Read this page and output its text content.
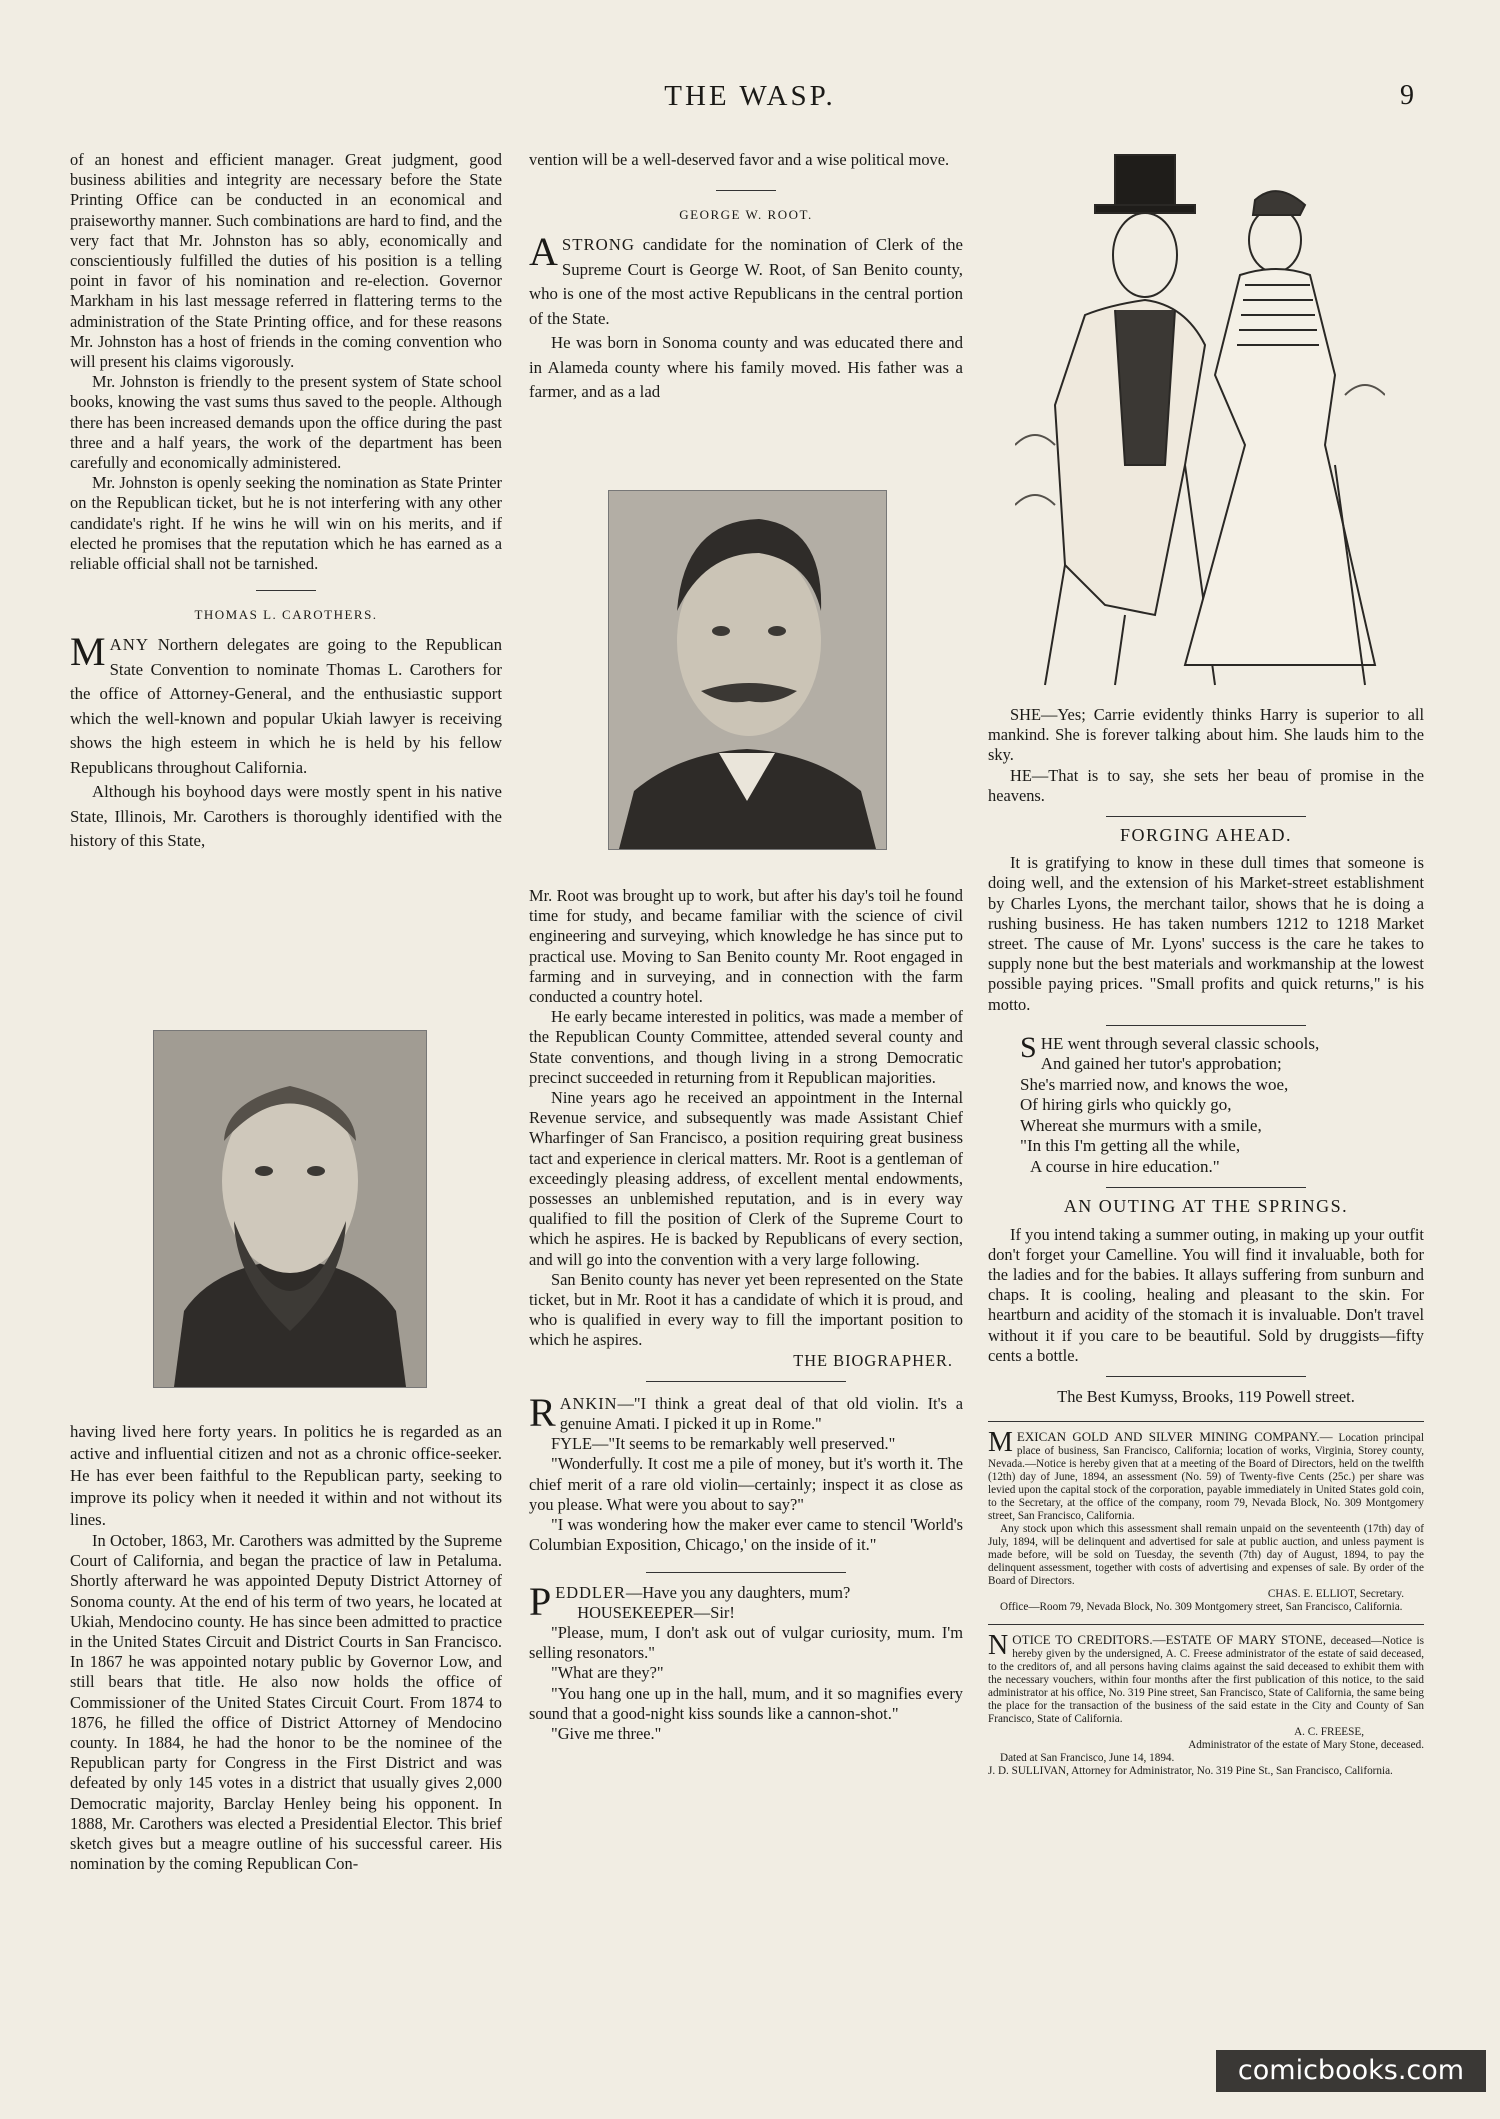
THE WASP.	9

of an honest and efficient manager. Great judgment, good business abilities and integrity are necessary before the State Printing Office can be conducted in an economical and praiseworthy manner. Such combinations are hard to find, and the very fact that Mr. Johnston has so ably, economically and conscientiously fulfilled the duties of his position is a telling point in favor of his nomination and re-election. Governor Markham in his last message referred in flattering terms to the administration of the State Printing office, and for these reasons Mr. Johnston has a host of friends in the coming convention who will present his claims vigorously.

Mr. Johnston is friendly to the present system of State school books, knowing the vast sums thus saved to the people. Although there has been increased demands upon the office during the past three and a half years, the work of the department has been carefully and economically administered.

Mr. Johnston is openly seeking the nomination as State Printer on the Republican ticket, but he is not interfering with any other candidate's right. If he wins he will win on his merits, and if elected he promises that the reputation which he has earned as a reliable official shall not be tarnished.

THOMAS L. CAROTHERS.

MANY Northern delegates are going to the Republican State Convention to nominate Thomas L. Carothers for the office of Attorney-General, and the enthusiastic support which the well-known and popular Ukiah lawyer is receiving shows the high esteem in which he is held by his fellow Republicans throughout California.

Although his boyhood days were mostly spent in his native State, Illinois, Mr. Carothers is thoroughly identified with the history of this State,

having lived here forty years. In politics he is regarded as an active and influential citizen and not as a chronic office-seeker. He has ever been faithful to the Republican party, seeking to improve its policy when it needed it within and not without its lines.

In October, 1863, Mr. Carothers was admitted by the Supreme Court of California, and began the practice of law in Petaluma. Shortly afterward he was appointed Deputy District Attorney of Sonoma county. At the end of his term of two years, he located at Ukiah, Mendocino county. He has since been admitted to practice in the United States Circuit and District Courts in San Francisco. In 1867 he was appointed notary public by Governor Low, and still bears that title. He also now holds the office of Commissioner of the United States Circuit Court. From 1874 to 1876, he filled the office of District Attorney of Mendocino county. In 1884, he had the honor to be the nominee of the Republican party for Congress in the First District and was defeated by only 145 votes in a district that usually gives 2,000 Democratic majority, Barclay Henley being his opponent. In 1888, Mr. Carothers was elected a Presidential Elector. This brief sketch gives but a meagre outline of his successful career. His nomination by the coming Republican Con-

vention will be a well-deserved favor and a wise political move.

GEORGE W. ROOT.

ASTRONG candidate for the nomination of Clerk of the Supreme Court is George W. Root, of San Benito county, who is one of the most active Republicans in the central portion of the State.

He was born in Sonoma county and was educated there and in Alameda county where his family moved. His father was a farmer, and as a lad

Mr. Root was brought up to work, but after his day's toil he found time for study, and became familiar with the science of civil engineering and surveying, which knowledge he has since put to practical use. Moving to San Benito county Mr. Root engaged in farming and in surveying, and in connection with the farm conducted a country hotel.

He early became interested in politics, was made a member of the Republican County Committee, attended several county and State conventions, and though living in a strong Democratic precinct succeeded in returning from it Republican majorities.

Nine years ago he received an appointment in the Internal Revenue service, and subsequently was made Assistant Chief Wharfinger of San Francisco, a position requiring great business tact and experience in clerical matters. Mr. Root is a gentleman of exceedingly pleasing address, of excellent mental endowments, possesses an unblemished reputation, and is in every way qualified to fill the position of Clerk of the Supreme Court to which he aspires. He is backed by Republicans of every section, and will go into the convention with a very large following.

San Benito county has never yet been represented on the State ticket, but in Mr. Root it has a candidate of which it is proud, and who is qualified in every way to fill the important position to which he aspires.

THE BIOGRAPHER.

RANKIN—"I think a great deal of that old violin. It's a genuine Amati. I picked it up in Rome."

FYLE—"It seems to be remarkably well preserved."

"Wonderfully. It cost me a pile of money, but it's worth it. The chief merit of a rare old violin—certainly; inspect it as close as you please. What were you about to say?"

"I was wondering how the maker ever came to stencil 'World's Columbian Exposition, Chicago,' on the inside of it."

PEDDLER—Have you any daughters, mum?

HOUSEKEEPER—Sir!

"Please, mum, I don't ask out of vulgar curiosity, mum. I'm selling resonators."

"What are they?"

"You hang one up in the hall, mum, and it so magnifies every sound that a good-night kiss sounds like a cannon-shot."

"Give me three."

SHE—Yes; Carrie evidently thinks Harry is superior to all mankind. She is forever talking about him. She lauds him to the sky.

HE—That is to say, she sets her beau of promise in the heavens.

FORGING AHEAD.

It is gratifying to know in these dull times that someone is doing well, and the extension of his Market-street establishment by Charles Lyons, the merchant tailor, shows that he is doing a rushing business. He has taken numbers 1212 to 1218 Market street. The cause of Mr. Lyons' success is the care he takes to supply none but the best materials and workmanship at the lowest possible paying prices. "Small profits and quick returns," is his motto.

SHE went through several classic schools,
And gained her tutor's approbation;
She's married now, and knows the woe,
Of hiring girls who quickly go,
Whereat she murmurs with a smile,
"In this I'm getting all the while,
A course in hire education."
AN OUTING AT THE SPRINGS.

If you intend taking a summer outing, in making up your outfit don't forget your Camelline. You will find it invaluable, both for the ladies and for the babies. It allays suffering from sunburn and chaps. It is cooling, healing and pleasant to the skin. For heartburn and acidity of the stomach it is invaluable. Don't travel without it if you care to be beautiful. Sold by druggists—fifty cents a bottle.

The Best Kumyss, Brooks, 119 Powell street.

MEXICAN GOLD AND SILVER MINING COMPANY.— Location principal place of business, San Francisco, California; location of works, Virginia, Storey county, Nevada.—Notice is hereby given that at a meeting of the Board of Directors, held on the twelfth (12th) day of June, 1894, an assessment (No. 59) of Twenty-five Cents (25c.) per share was levied upon the capital stock of the corporation, payable immediately in United States gold coin, to the Secretary, at the office of the company, room 79, Nevada Block, No. 309 Montgomery street, San Francisco, California.

Any stock upon which this assessment shall remain unpaid on the seventeenth (17th) day of July, 1894, will be delinquent and advertised for sale at public auction, and unless payment is made before, will be sold on Tuesday, the seventh (7th) day of August, 1894, to pay the delinquent assessment, together with costs of advertising and expenses of sale. By order of the Board of Directors.

CHAS. E. ELLIOT, Secretary.

Office—Room 79, Nevada Block, No. 309 Montgomery street, San Francisco, California.

NOTICE TO CREDITORS.—ESTATE OF MARY STONE, deceased—Notice is hereby given by the undersigned, A. C. Freese administrator of the estate of said deceased, to the creditors of, and all persons having claims against the said deceased to exhibit them with the necessary vouchers, within four months after the first publication of this notice, to the said administrator at his office, No. 319 Pine street, San Francisco, State of California, the same being the place for the transaction of the business of the said estate in the City and County of San Francisco, State of California.

A. C. FREESE,

Administrator of the estate of Mary Stone, deceased.

Dated at San Francisco, June 14, 1894.

J. D. SULLIVAN, Attorney for Administrator, No. 319 Pine St., San Francisco, California.

comicbooks.com
